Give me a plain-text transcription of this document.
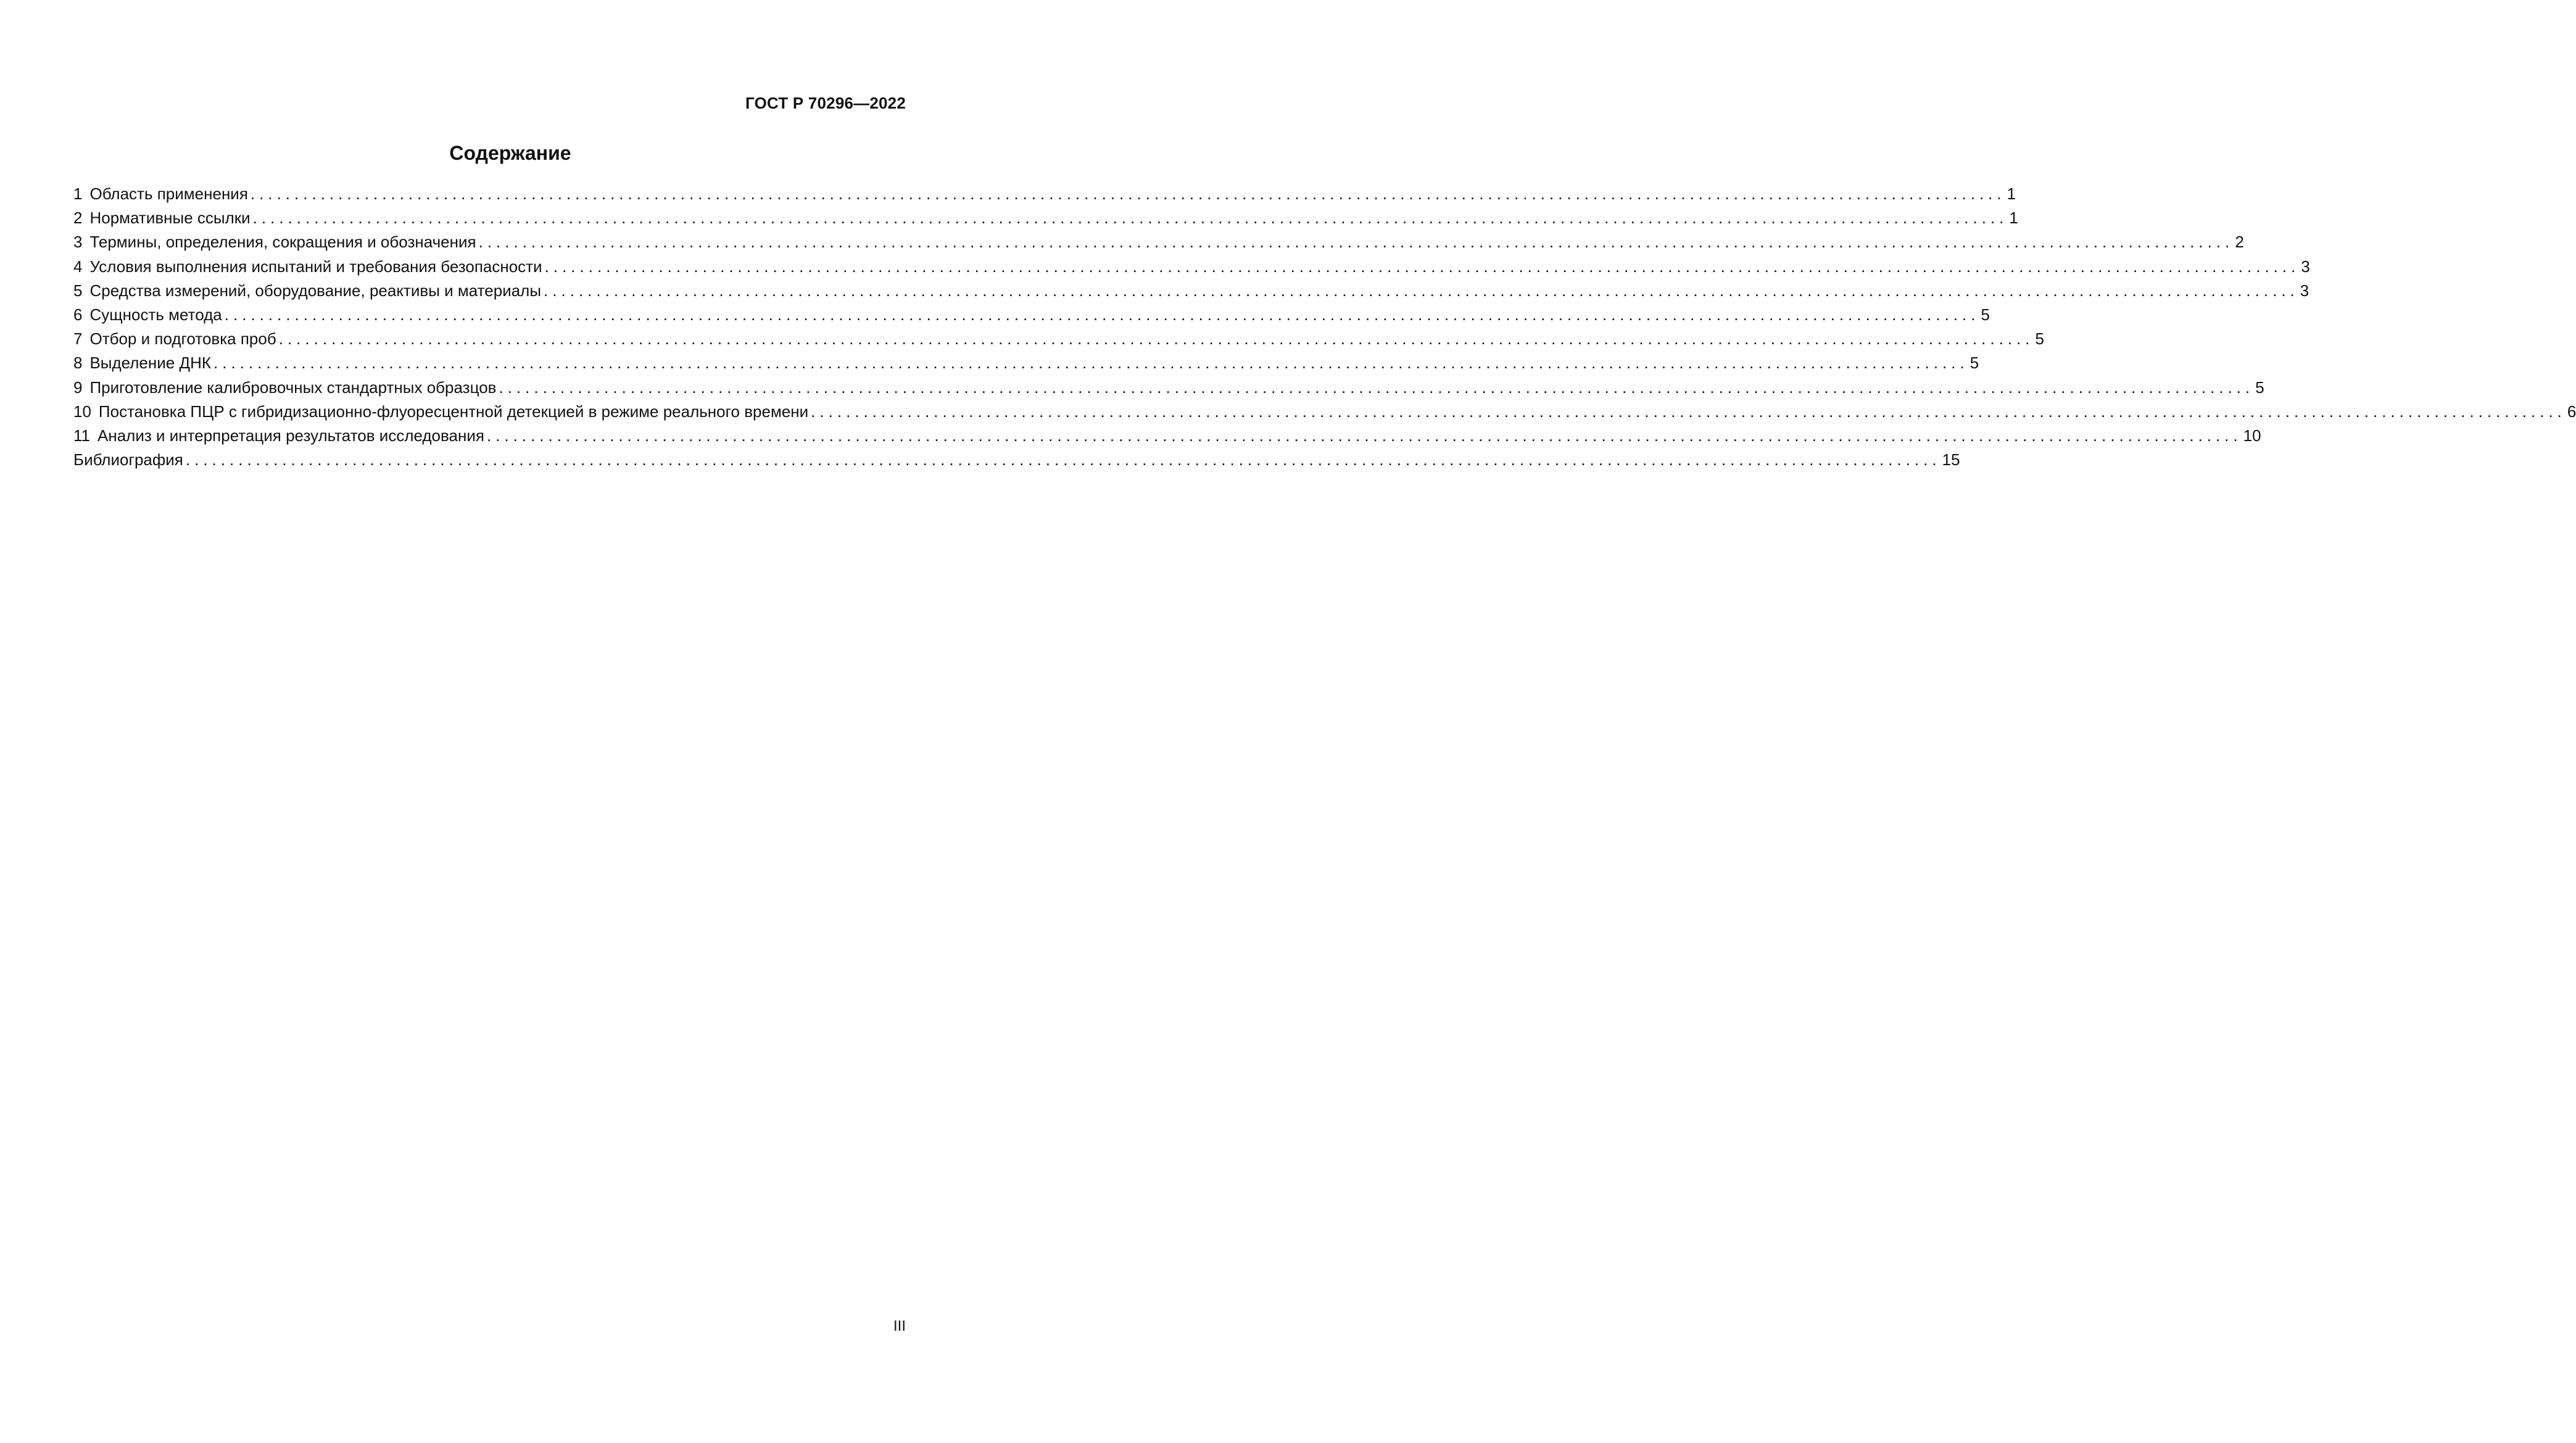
ГОСТ Р 70296—2022
Содержание
1 Область применения ........................................................................................................................................................................................................ 1
2 Нормативные ссылки ........................................................................................................................................................................................................ 1
3 Термины, определения, сокращения и обозначения ........................................................................................................................................................................................................ 2
4 Условия выполнения испытаний и требования безопасности ........................................................................................................................................................................................................ 3
5 Средства измерений, оборудование, реактивы и материалы ........................................................................................................................................................................................................ 3
6 Сущность метода ........................................................................................................................................................................................................ 5
7 Отбор и подготовка проб ........................................................................................................................................................................................................ 5
8 Выделение ДНК ........................................................................................................................................................................................................ 5
9 Приготовление калибровочных стандартных образцов ........................................................................................................................................................................................................ 5
10 Постановка ПЦР с гибридизационно-флуоресцентной детекцией в режиме реального времени ........................................................................................................................................................................................................ 6
11 Анализ и интерпретация результатов исследования ........................................................................................................................................................................................................ 10
Библиография ........................................................................................................................................................................................................ 15
III
